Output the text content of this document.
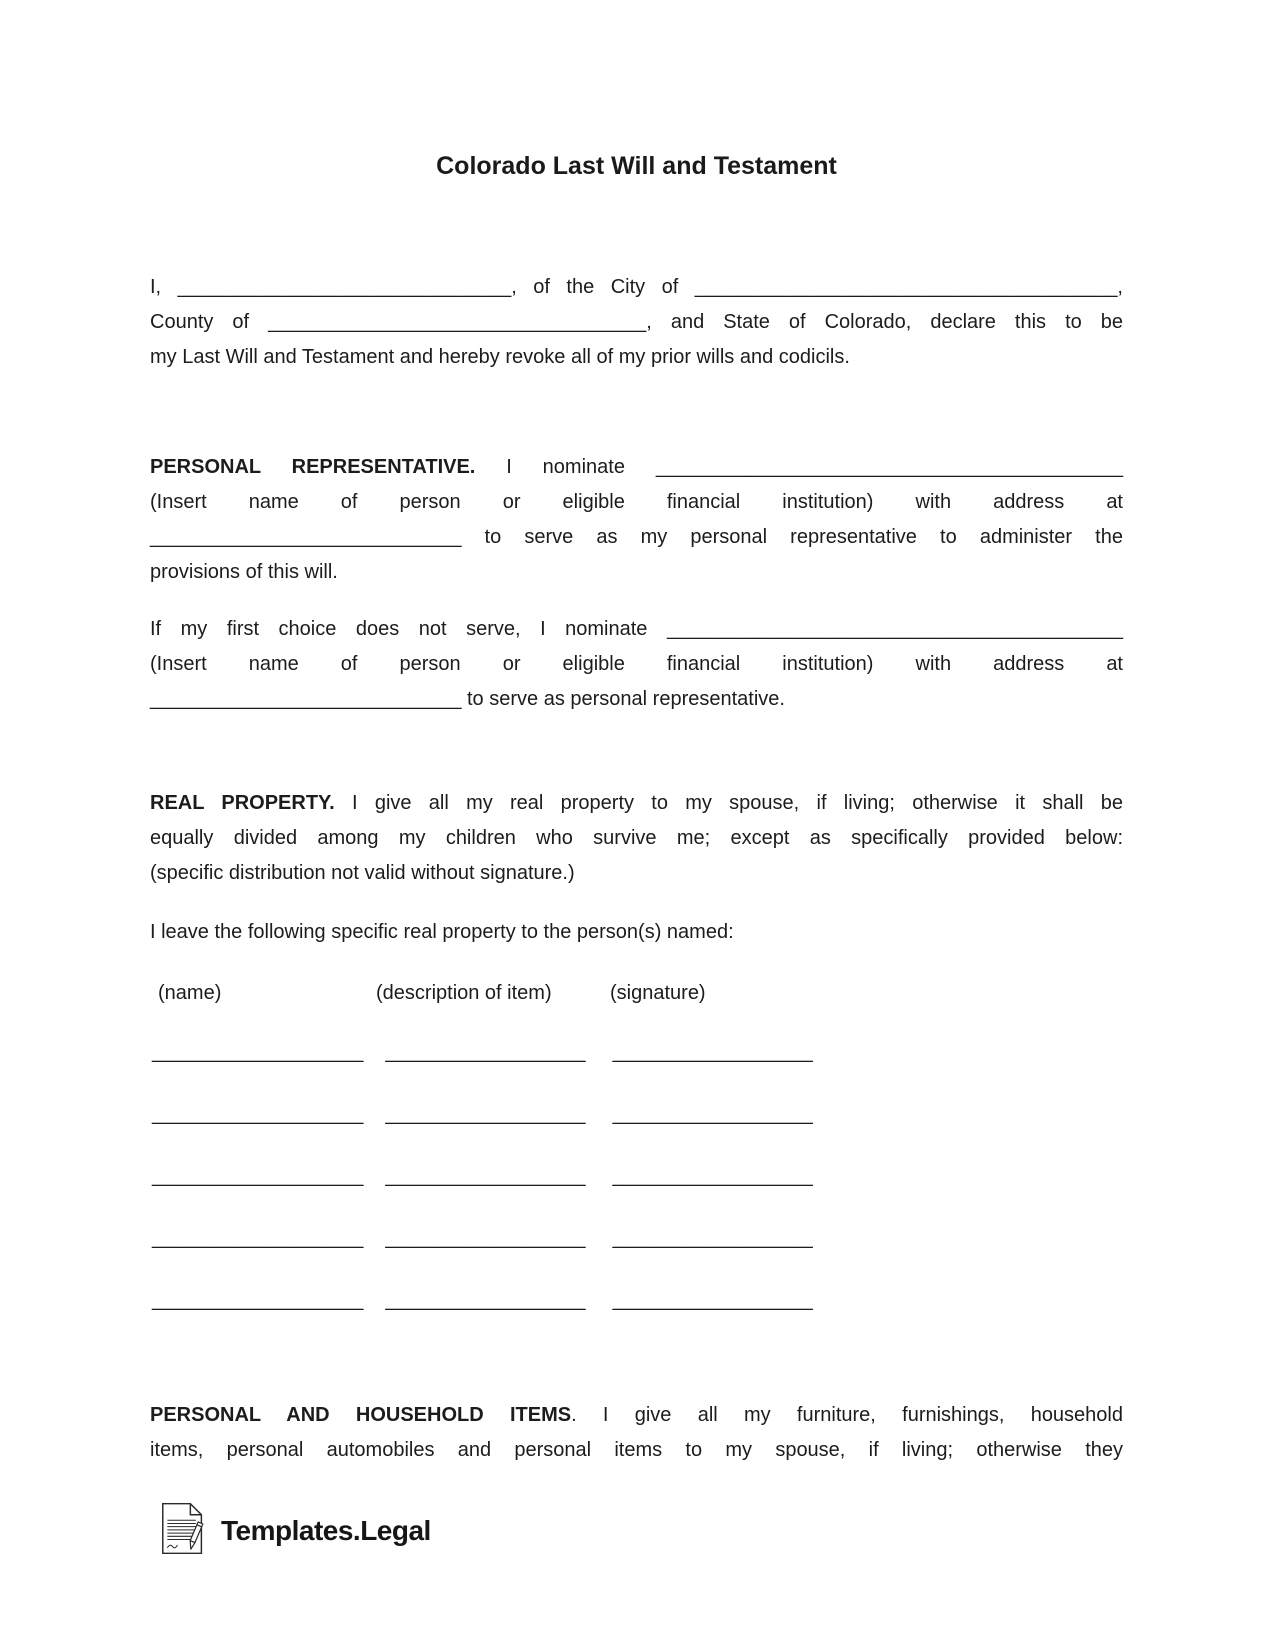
Colorado Last Will and Testament
I, ______________________________, of the City of ______________________________________,
County of __________________________________, and State of Colorado, declare this to be
my Last Will and Testament and hereby revoke all of my prior wills and codicils.
PERSONAL REPRESENTATIVE. I nominate __________________________________________
(Insert name of person or eligible financial institution) with address at
____________________________ to serve as my personal representative to administer the
provisions of this will.
If my first choice does not serve, I nominate _________________________________________
(Insert name of person or eligible financial institution) with address at
____________________________ to serve as personal representative.
REAL PROPERTY. I give all my real property to my spouse, if living; otherwise it shall be
equally divided among my children who survive me; except as specifically provided below:
(specific distribution not valid without signature.)
I leave the following specific real property to the person(s) named:
(name)	(description of item)	(signature)
___________________ __________________ __________________
___________________ __________________ __________________
___________________ __________________ __________________
___________________ __________________ __________________
___________________ __________________ __________________
PERSONAL AND HOUSEHOLD ITEMS. I give all my furniture, furnishings, household
items, personal automobiles and personal items to my spouse, if living; otherwise they
Templates.Legal
